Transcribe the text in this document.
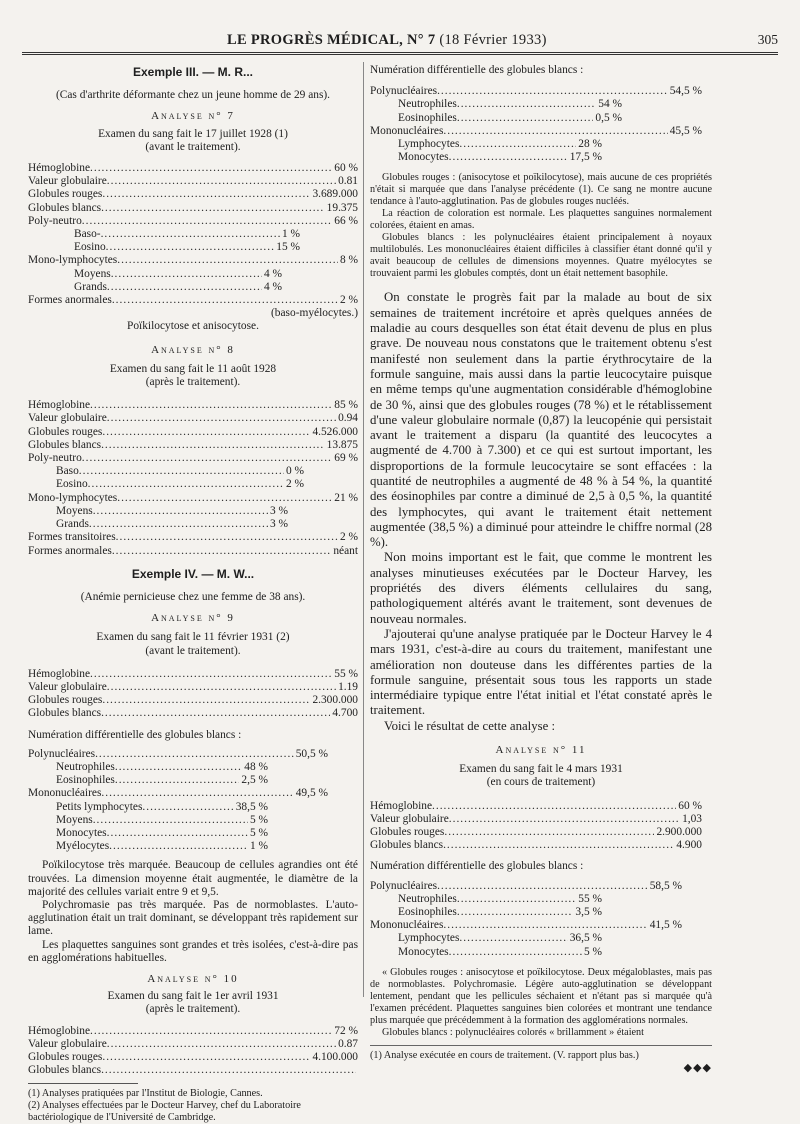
LE PROGRÈS MÉDICAL, N° 7 (18 Février 1933)	305
Exemple III. — M. R...
(Cas d'arthrite déformante chez un jeune homme de 29 ans).
Analyse n° 7
Examen du sang fait le 17 juillet 1928 (1)
(avant le traitement).
Hémoglobine .....	60 %
Valeur globulaire .....	0.81
Globules rouges .....	3.689.000
Globules blancs .....	19.375
Poly-neutro .....	66 %
Baso- .....	1 %
Eosino .....	15 %
Mono-lymphocytes .....	8 %
Moyens .....	4 %
Grands .....	4 %
Formes anormales .....	2 %
(baso-myélocytes.)
Poïkilocytose et anisocytose.
Analyse n° 8
Examen du sang fait le 11 août 1928
(après le traitement).
Hémoglobine .....	85 %
Valeur globulaire .....	0.94
Globules rouges .....	4.526.000
Globules blancs .....	13.875
Poly-neutro .....	69 %
Baso .....	0 %
Eosino .....	2 %
Mono-lymphocytes .....	21 %
Moyens .....	3 %
Grands .....	3 %
Formes transitoires .....	2 %
Formes anormales .....	néant
Exemple IV. — M. W...
(Anémie pernicieuse chez une femme de 38 ans).
Analyse n° 9
Examen du sang fait le 11 février 1931 (2)
(avant le traitement).
Hémoglobine .....	55 %
Valeur globulaire .....	1.19
Globules rouges .....	2.300.000
Globules blancs .....	4.700
Numération différentielle des globules blancs :
Polynucléaires .....	50,5 %
Neutrophiles .....	48 %
Eosinophiles .....	2,5 %
Mononucléaires .....	49,5 %
Petits lymphocytes .....	38,5 %
Moyens .....	5 %
Monocytes .....	5 %
Myélocytes .....	1 %
Poïkilocytose très marquée. Beaucoup de cellules agrandies ont été trouvées. La dimension moyenne était augmentée, le diamètre de la majorité des cellules variait entre 9 et 9,5.
Polychromasie pas très marquée. Pas de normoblastes. L'auto-agglutination était un trait dominant, se développant très rapidement sur lame.
Les plaquettes sanguines sont grandes et très isolées, c'est-à-dire pas en agglomérations habituelles.
Analyse n° 10
Examen du sang fait le 1er avril 1931
(après le traitement).
Hémoglobine .....	72 %
Valeur globulaire .....	0.87
Globules rouges .....	4.100.000
Globules blancs
.....
(1) Analyses pratiquées par l'Institut de Biologie, Cannes.
(2) Analyses effectuées par le Docteur Harvey, chef du Laboratoire bactériologique de l'Université de Cambridge.
Numération différentielle des globules blancs :
Polynucléaires .....	54,5 %
Neutrophiles .....	54 %
Eosinophiles .....	0,5 %
Mononucléaires .....	45,5 %
Lymphocytes .....	28 %
Monocytes .....	17,5 %
Globules rouges : (anisocytose et poïkilocytose), mais aucune de ces propriétés n'était si marquée que dans l'analyse précédente (1). Ce sang ne montre aucune tendance à l'auto-agglutination. Pas de globules rouges nucléés.
La réaction de coloration est normale. Les plaquettes sanguines normalement colorées, étaient en amas.
Globules blancs : les polynucléaires étaient principalement à noyaux multilobulés. Les mononucléaires étaient difficiles à classifier étant donné qu'il y avait beaucoup de cellules de dimensions moyennes. Quatre myélocytes se trouvaient parmi les globules comptés, dont un était nettement basophile.
On constate le progrès fait par la malade au bout de six semaines de traitement incrétoire et après quelques années de maladie au cours desquelles son état était devenu de plus en plus grave. De nouveau nous constatons que le traitement obtenu s'est manifesté non seulement dans la partie érythrocytaire de la formule sanguine, mais aussi dans la partie leucocytaire puisque en même temps qu'une augmentation considérable d'hémoglobine de 30 %, ainsi que des globules rouges (78 %) et le rétablissement d'une valeur globulaire normale (0,87) la leucopénie qui persistait avant le traitement a disparu (la quantité des leucocytes a augmenté de 4.700 à 7.300) et ce qui est surtout important, les disproportions de la formule leucocytaire se sont effacées : la quantité de neutrophiles a augmenté de 48 % à 54 %, la quantité des éosinophiles par contre a diminué de 2,5 à 0,5 %, la quantité des lymphocytes, qui avant le traitement était nettement augmentée (38,5 %) a diminué pour atteindre le chiffre normal (28 %).
Non moins important est le fait, que comme le montrent les analyses minutieuses exécutées par le Docteur Harvey, les propriétés des divers éléments cellulaires du sang, pathologiquement altérés avant le traitement, sont devenues de nouveau normales.
J'ajouterai qu'une analyse pratiquée par le Docteur Harvey le 4 mars 1931, c'est-à-dire au cours du traitement, manifestant une amélioration non douteuse dans les différentes parties de la formule sanguine, présentait sous tous les rapports un stade intermédiaire typique entre l'état initial et l'état constaté après le traitement.
Voici le résultat de cette analyse :
Analyse n° 11
Examen du sang fait le 4 mars 1931
(en cours de traitement)
Hémoglobine .....	60 %
Valeur globulaire .....	1,03
Globules rouges .....	2.900.000
Globules blancs .....	4.900
Numération différentielle des globules blancs :
Polynucléaires .....	58,5 %
Neutrophiles .....	55 %
Eosinophiles .....	3,5 %
Mononucléaires .....	41,5 %
Lymphocytes .....	36,5 %
Monocytes .....	5 %
« Globules rouges : anisocytose et poïkilocytose. Deux mégaloblastes, mais pas de normoblastes. Polychromasie. Légère auto-agglutination se développant lentement, pendant que les pellicules séchaient et n'étant pas si marquée qu'à l'examen précédent. Plaquettes sanguines bien colorées et montrant une tendance plus marquée que précédemment à la formation des agglomérations normales.
Globules blancs : polynucléaires colorés « brillamment » étaient
(1) Analyse exécutée en cours de traitement. (V. rapport plus bas.)
◆◆◆
